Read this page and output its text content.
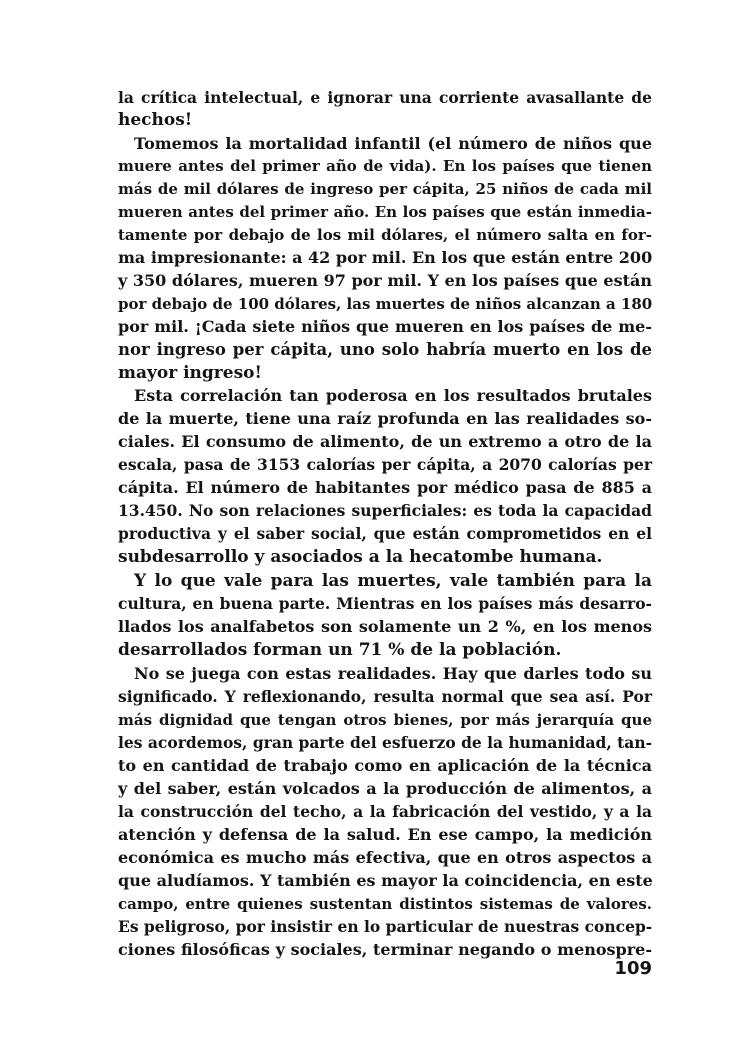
la crítica intelectual, e ignorar una corriente avasallante de
hechos!
Tomemos la mortalidad infantil (el número de niños que
muere antes del primer año de vida). En los países que tienen
más de mil dólares de ingreso per cápita, 25 niños de cada mil
mueren antes del primer año. En los países que están inmedia-
tamente por debajo de los mil dólares, el número salta en for-
ma impresionante: a 42 por mil. En los que están entre 200
y 350 dólares, mueren 97 por mil. Y en los países que están
por debajo de 100 dólares, las muertes de niños alcanzan a 180
por mil. ¡Cada siete niños que mueren en los países de me-
nor ingreso per cápita, uno solo habría muerto en los de
mayor ingreso!
Esta correlación tan poderosa en los resultados brutales
de la muerte, tiene una raíz profunda en las realidades so-
ciales. El consumo de alimento, de un extremo a otro de la
escala, pasa de 3153 calorías per cápita, a 2070 calorías per
cápita. El número de habitantes por médico pasa de 885 a
13.450. No son relaciones superficiales: es toda la capacidad
productiva y el saber social, que están comprometidos en el
subdesarrollo y asociados a la hecatombe humana.
Y lo que vale para las muertes, vale también para la
cultura, en buena parte. Mientras en los países más desarro-
llados los analfabetos son solamente un 2 %, en los menos
desarrollados forman un 71 % de la población.
No se juega con estas realidades. Hay que darles todo su
significado. Y reflexionando, resulta normal que sea así. Por
más dignidad que tengan otros bienes, por más jerarquía que
les acordemos, gran parte del esfuerzo de la humanidad, tan-
to en cantidad de trabajo como en aplicación de la técnica
y del saber, están volcados a la producción de alimentos, a
la construcción del techo, a la fabricación del vestido, y a la
atención y defensa de la salud. En ese campo, la medición
económica es mucho más efectiva, que en otros aspectos a
que aludíamos. Y también es mayor la coincidencia, en este
campo, entre quienes sustentan distintos sistemas de valores.
Es peligroso, por insistir en lo particular de nuestras concep-
ciones filosóficas y sociales, terminar negando o menospre-
109
